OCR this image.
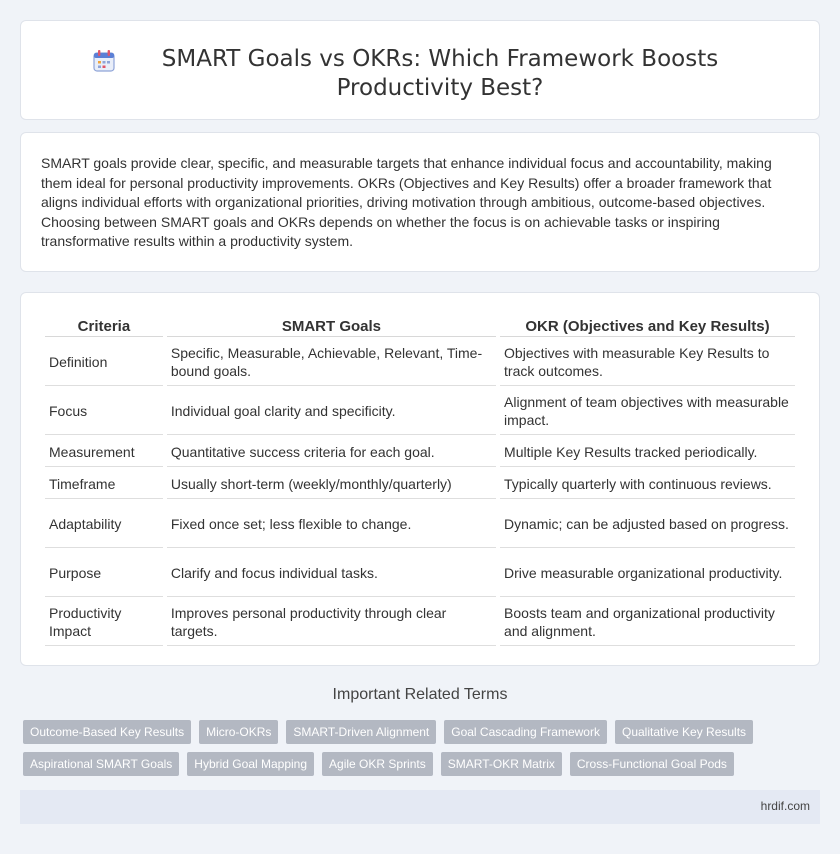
SMART Goals vs OKRs: Which Framework Boosts Productivity Best?

SMART goals provide clear, specific, and measurable targets that enhance individual focus and accountability, making them ideal for personal productivity improvements. OKRs (Objectives and Key Results) offer a broader framework that aligns individual efforts with organizational priorities, driving motivation through ambitious, outcome-based objectives. Choosing between SMART goals and OKRs depends on whether the focus is on achievable tasks or inspiring transformative results within a productivity system.

Criteria	SMART Goals	OKR (Objectives and Key Results)
Definition	Specific, Measurable, Achievable, Relevant, Time-bound goals.	Objectives with measurable Key Results to track outcomes.
Focus	Individual goal clarity and specificity.	Alignment of team objectives with measurable impact.
Measurement	Quantitative success criteria for each goal.	Multiple Key Results tracked periodically.
Timeframe	Usually short-term (weekly/monthly/quarterly)	Typically quarterly with continuous reviews.
Adaptability	Fixed once set; less flexible to change.	Dynamic; can be adjusted based on progress.
Purpose	Clarify and focus individual tasks.	Drive measurable organizational productivity.
Productivity Impact	Improves personal productivity through clear targets.	Boosts team and organizational productivity and alignment.
Important Related Terms
Outcome-Based Key Results	Micro-OKRs	SMART-Driven Alignment	Goal Cascading Framework	Qualitative Key Results
Aspirational SMART Goals	Hybrid Goal Mapping	Agile OKR Sprints	SMART-OKR Matrix	Cross-Functional Goal Pods
hrdif.com
